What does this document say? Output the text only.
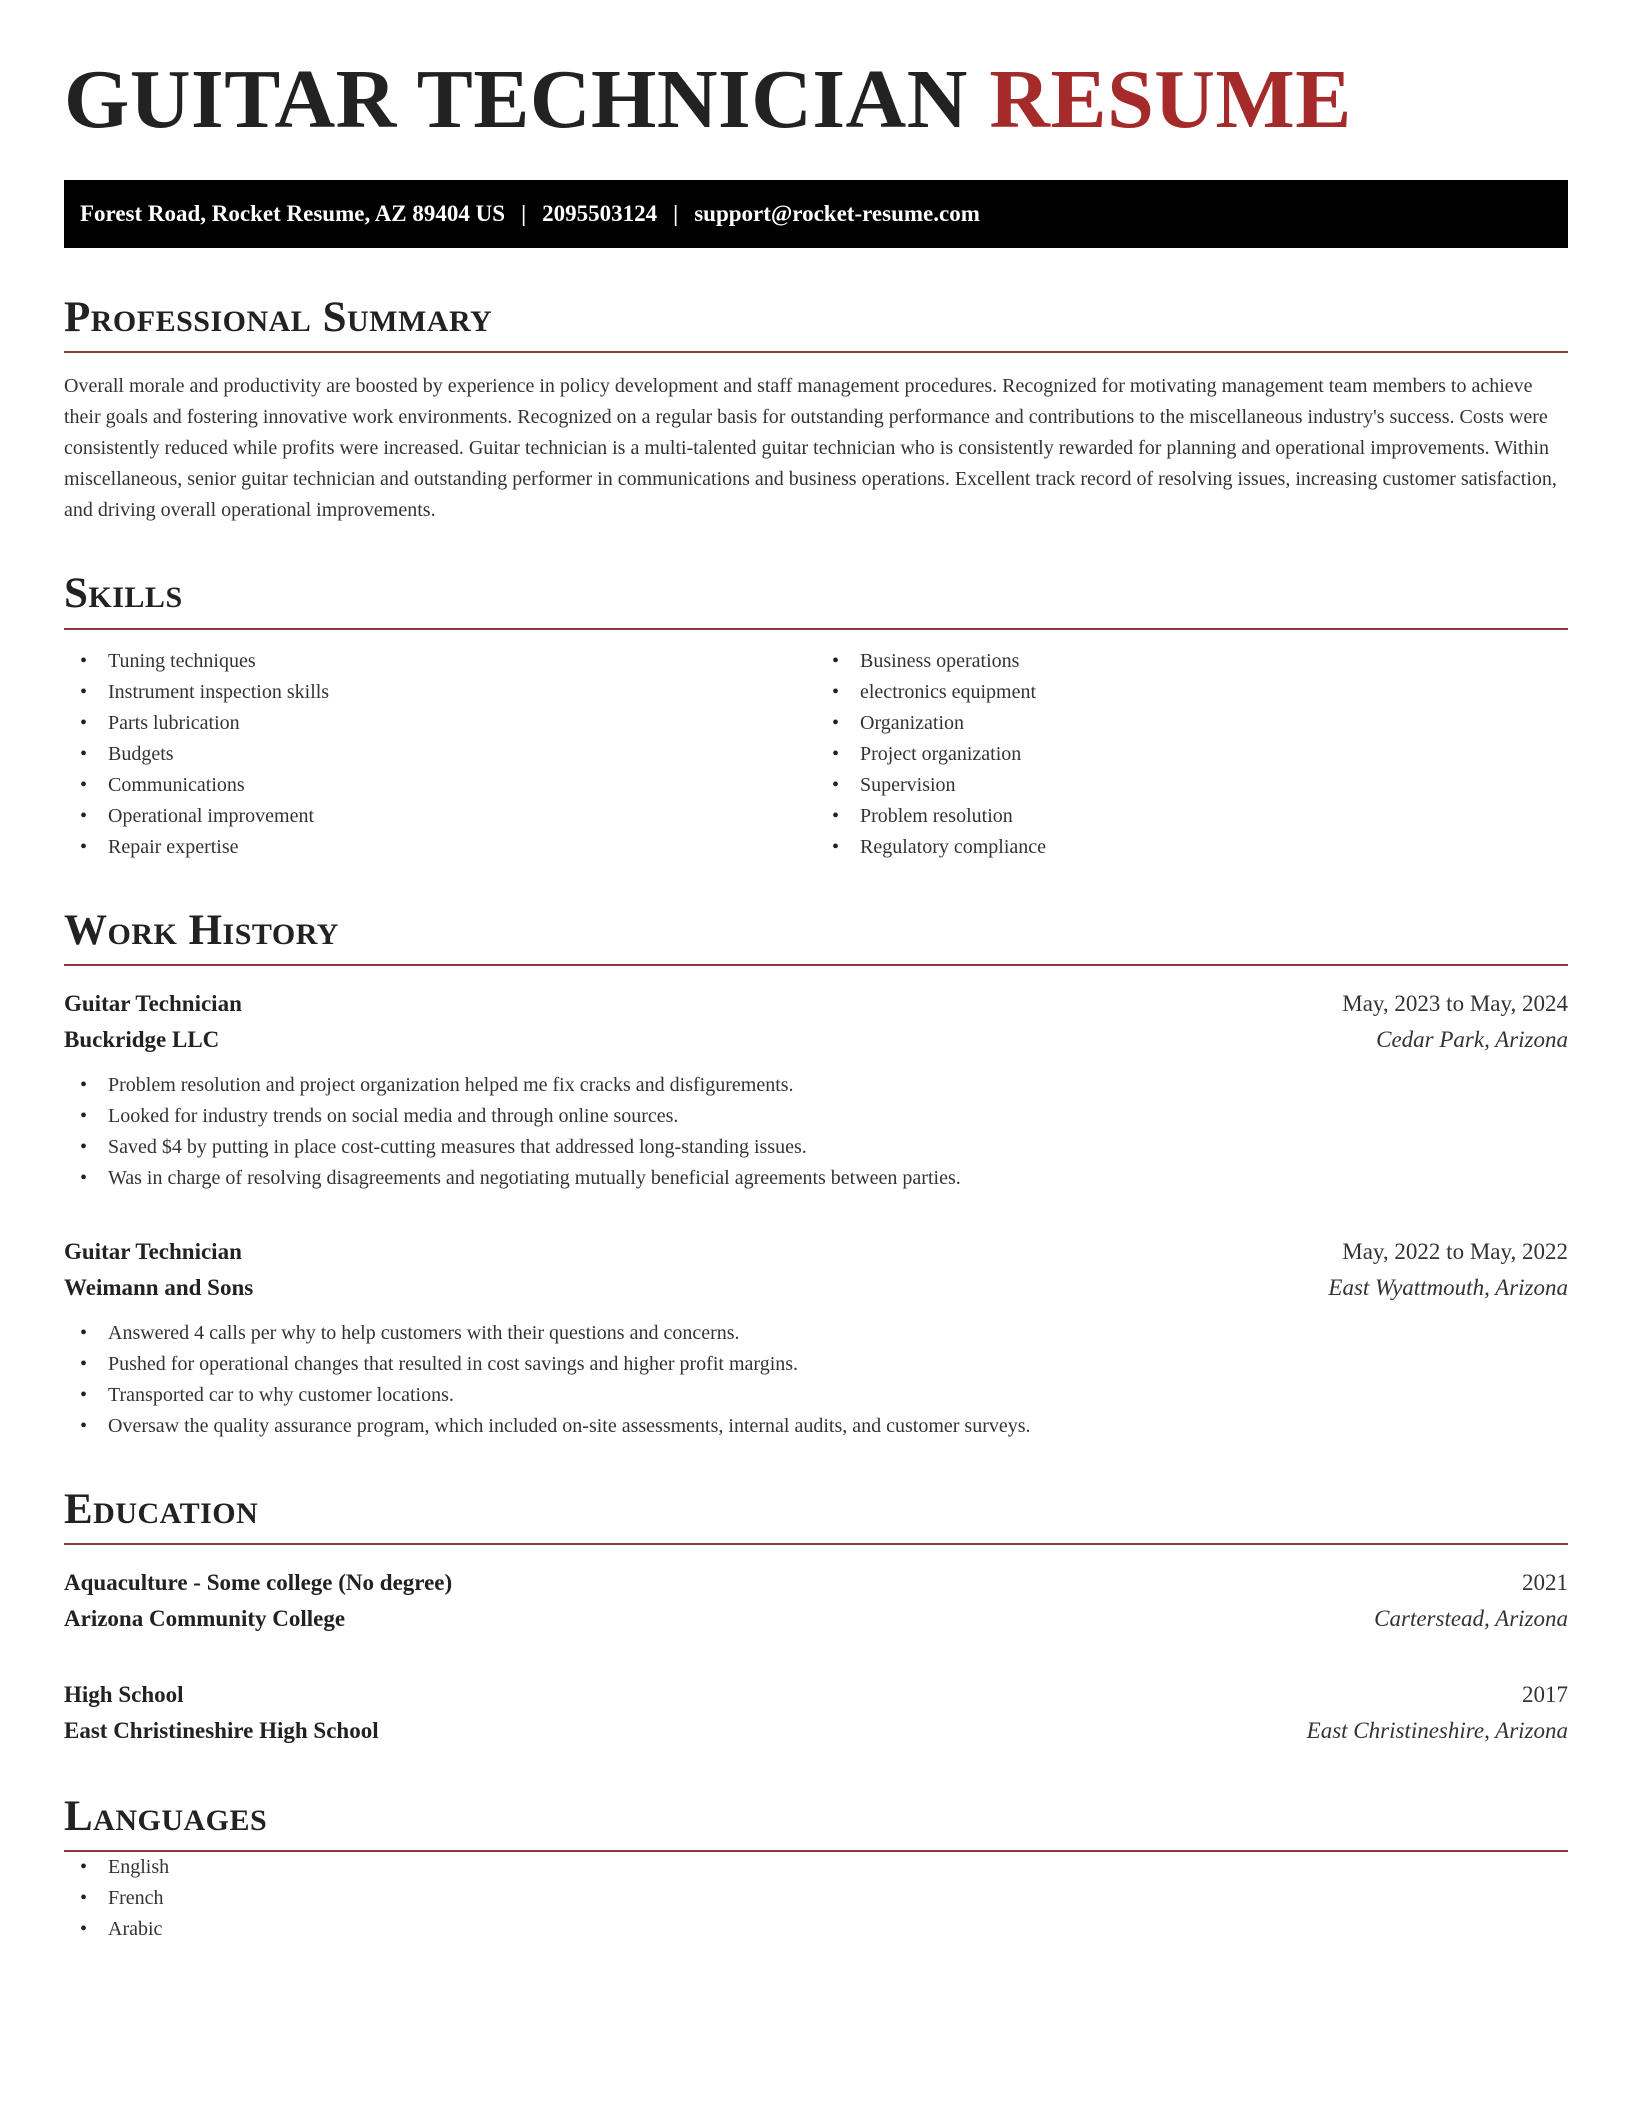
GUITAR TECHNICIAN RESUME
Forest Road, Rocket Resume, AZ 89404 US | 2095503124 | support@rocket-resume.com
Professional Summary

Overall morale and productivity are boosted by experience in policy development and staff management procedures. Recognized for motivating management team members to achieve their goals and fostering innovative work environments. Recognized on a regular basis for outstanding performance and contributions to the miscellaneous industry's success. Costs were consistently reduced while profits were increased. Guitar technician is a multi-talented guitar technician who is consistently rewarded for planning and operational improvements. Within miscellaneous, senior guitar technician and outstanding performer in communications and business operations. Excellent track record of resolving issues, increasing customer satisfaction, and driving overall operational improvements.

Skills
• Tuning techniques
• Instrument inspection skills
• Parts lubrication
• Budgets
• Communications
• Operational improvement
• Repair expertise
• Business operations
• electronics equipment
• Organization
• Project organization
• Supervision
• Problem resolution
• Regulatory compliance
Work History
Guitar Technician	May, 2023 to May, 2024
Buckridge LLC	Cedar Park, Arizona
• Problem resolution and project organization helped me fix cracks and disfigurements.
• Looked for industry trends on social media and through online sources.
• Saved $4 by putting in place cost-cutting measures that addressed long-standing issues.
• Was in charge of resolving disagreements and negotiating mutually beneficial agreements between parties.
Guitar Technician	May, 2022 to May, 2022
Weimann and Sons	East Wyattmouth, Arizona
• Answered 4 calls per why to help customers with their questions and concerns.
• Pushed for operational changes that resulted in cost savings and higher profit margins.
• Transported car to why customer locations.
• Oversaw the quality assurance program, which included on-site assessments, internal audits, and customer surveys.
Education
Aquaculture - Some college (No degree)	2021
Arizona Community College	Carterstead, Arizona
High School	2017
East Christineshire High School	East Christineshire, Arizona
Languages
• English
• French
• Arabic
